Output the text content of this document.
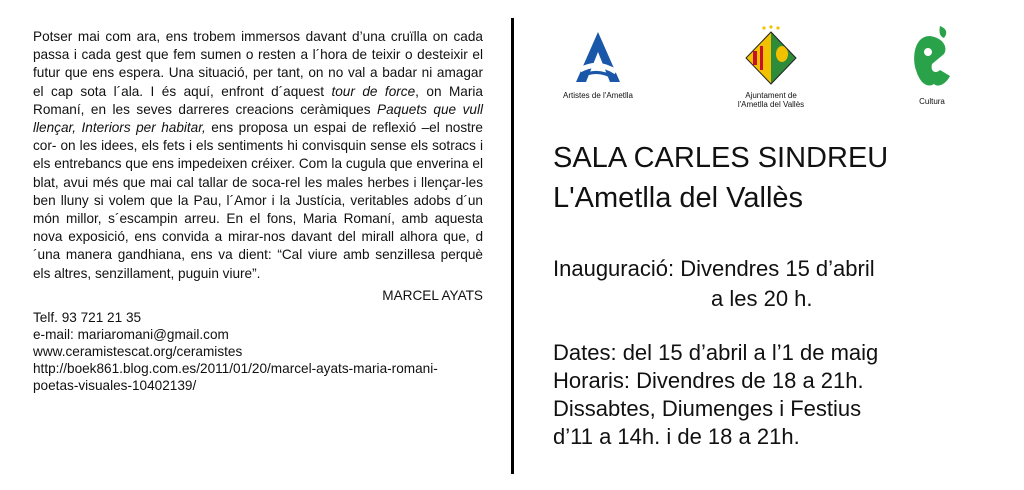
Potser mai com ara, ens trobem immersos davant d’una cruïlla on cada passa i cada gest que fem sumen o resten a l´hora de teixir o desteixir el futur que ens espera. Una situació, per tant, on no val a badar ni amagar el cap sota l´ala. I és aquí, enfront d´aquest tour de force, on Maria Romaní, en les seves darreres creacions ceràmiques Paquets que vull llençar, Interiors per habitar, ens proposa un espai de reflexió –el nostre cor- on les idees, els fets i els sentiments hi convisquin sense els sotracs i els entrebancs que ens impedeixen créixer. Com la cugula que enverina el blat, avui més que mai cal tallar de soca-rel les males herbes i llençar-les ben lluny si volem que la Pau, l´Amor i la Justícia, veritables adobs d´un món millor, s´escampin arreu. En el fons, Maria Romaní, amb aquesta nova exposició, ens convida a mirar-nos davant del mirall alhora que, d´una manera gandhiana, ens va dient: “Cal viure amb senzillesa perquè els altres, senzillament, puguin viure”.

MARCEL AYATS
Telf. 93 721 21 35
e-mail: mariaromani@gmail.com
www.ceramistescat.org/ceramistes
http://boek861.blog.com.es/2011/01/20/marcel-ayats-maria-romani-
poetas-visuales-10402139/
Artistes de l'Ametlla	Ajuntament de
l'Ametlla del Vallès	Cultura
SALA CARLES SINDREU
L'Ametlla del Vallès
Inauguració: Divendres 15 d’abril
a les 20 h.
Dates: del 15 d’abril a l’1 de maig
Horaris: Divendres de 18 a 21h.
Dissabtes, Diumenges i Festius
d’11 a 14h. i de 18 a 21h.
